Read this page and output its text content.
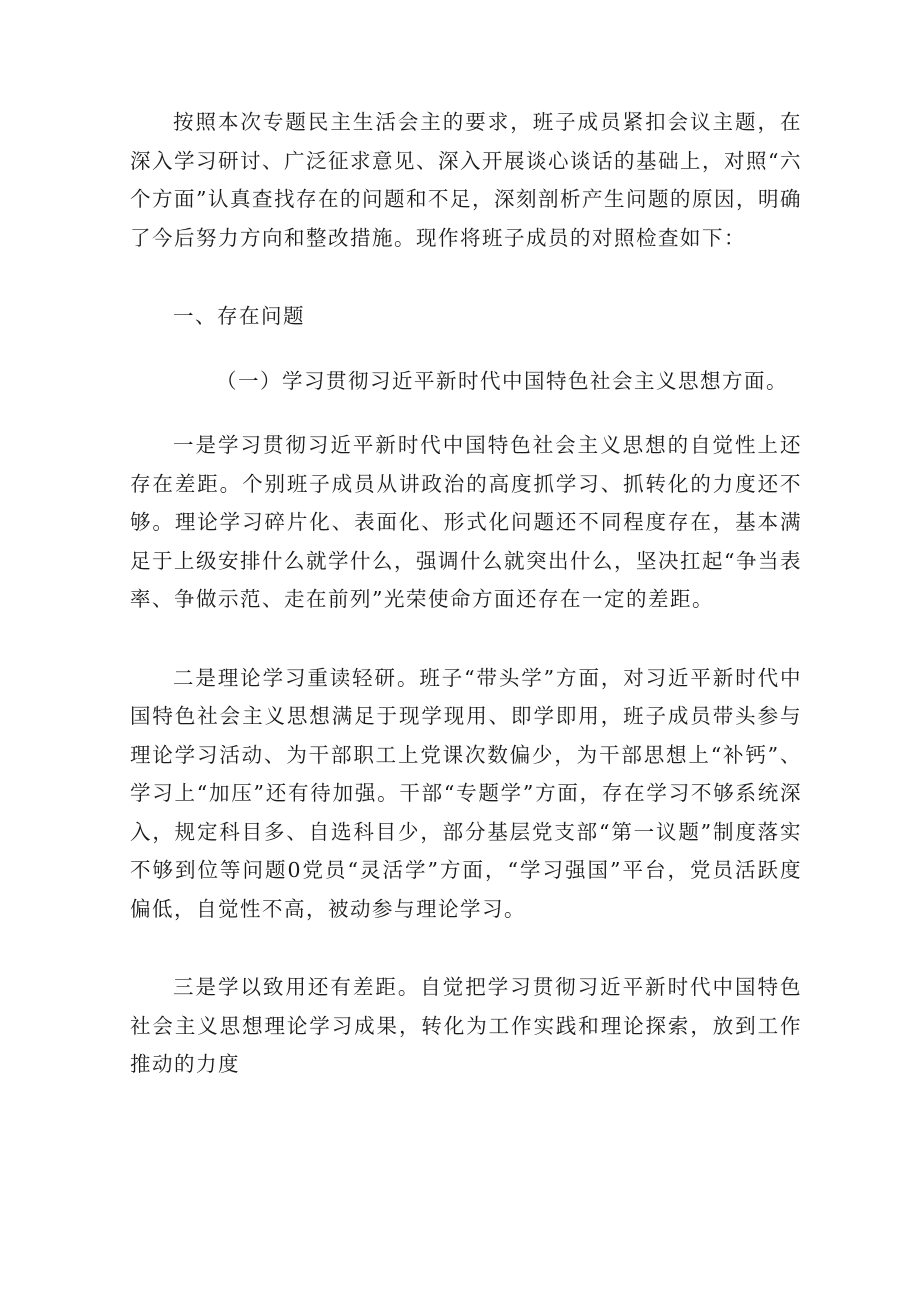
按照本次专题民主生活会主的要求，班子成员紧扣会议主题，在深入学习研讨、广泛征求意见、深入开展谈心谈话的基础上，对照“六个方面”认真查找存在的问题和不足，深刻剖析产生问题的原因，明确了今后努力方向和整改措施。现作将班子成员的对照检查如下：

一、存在问题

（一）学习贯彻习近平新时代中国特色社会主义思想方面。

一是学习贯彻习近平新时代中国特色社会主义思想的自觉性上还存在差距。个别班子成员从讲政治的高度抓学习、抓转化的力度还不够。理论学习碎片化、表面化、形式化问题还不同程度存在，基本满足于上级安排什么就学什么，强调什么就突出什么，坚决扛起“争当表率、争做示范、走在前列”光荣使命方面还存在一定的差距。

二是理论学习重读轻研。班子“带头学”方面，对习近平新时代中国特色社会主义思想满足于现学现用、即学即用，班子成员带头参与理论学习活动、为干部职工上党课次数偏少，为干部思想上“补钙”、学习上“加压”还有待加强。干部“专题学”方面，存在学习不够系统深入，规定科目多、自选科目少，部分基层党支部“第一议题”制度落实不够到位等问题0党员“灵活学”方面，“学习强国”平台，党员活跃度偏低，自觉性不高，被动参与理论学习。

三是学以致用还有差距。自觉把学习贯彻习近平新时代中国特色社会主义思想理论学习成果，转化为工作实践和理论探索，放到工作推动的力度
